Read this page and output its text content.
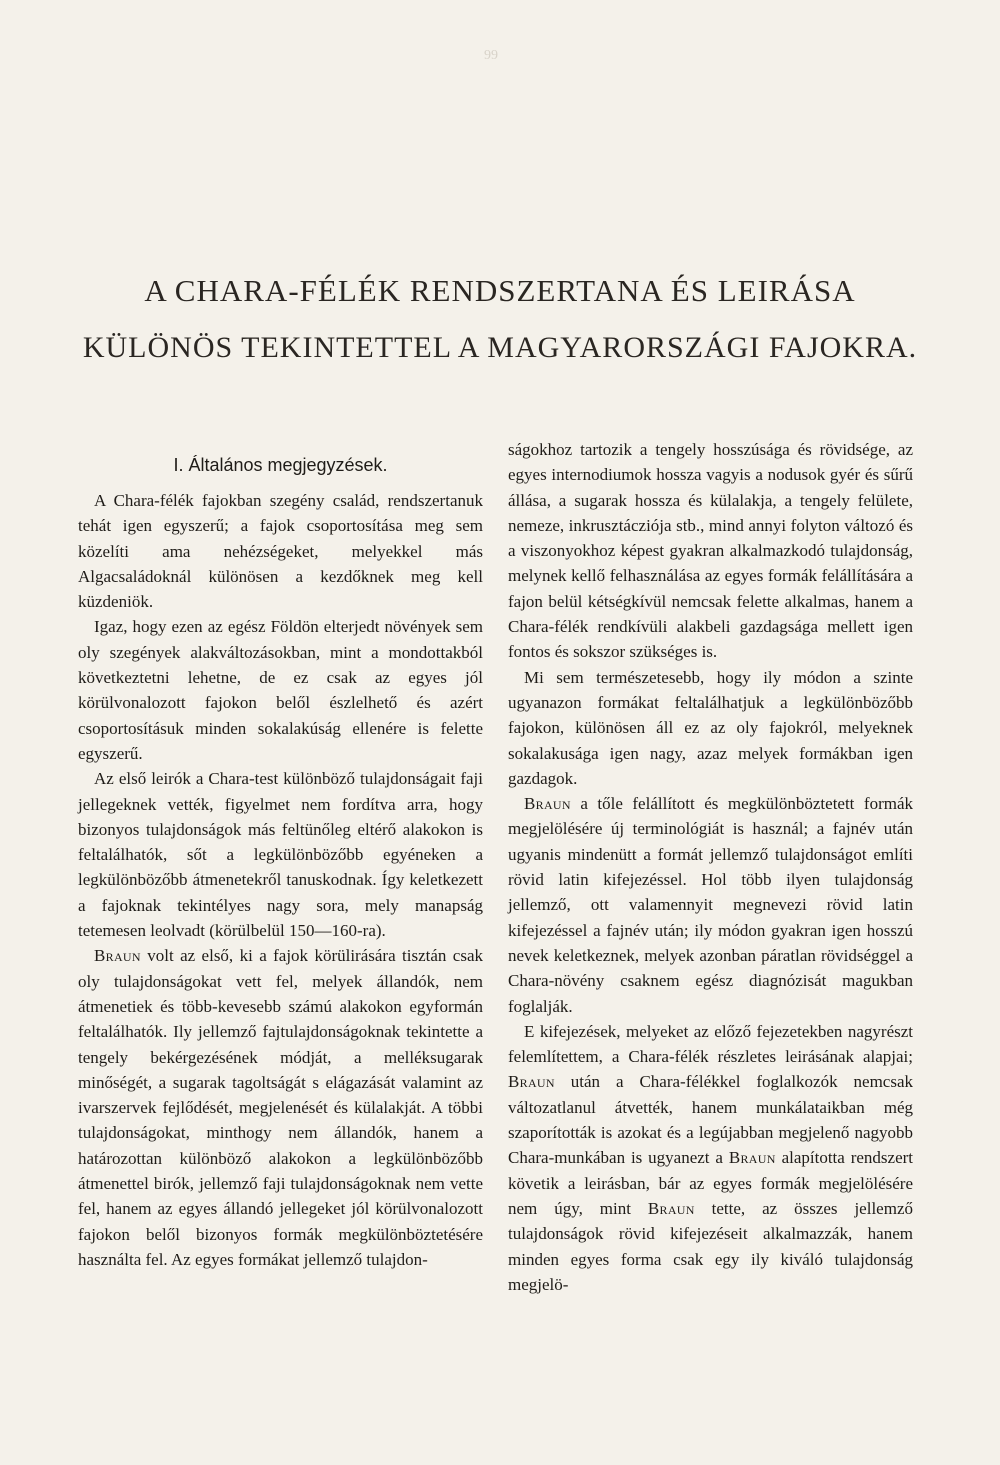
99
A CHARA-FÉLÉK RENDSZERTANA ÉS LEIRÁSA
KÜLÖNÖS TEKINTETTEL A MAGYARORSZÁGI FAJOKRA.
I. Általános megjegyzések.

A Chara-félék fajokban szegény család, rendszertanuk tehát igen egyszerű; a fajok csoportosítása meg sem közelíti ama nehézségeket, melyekkel más Algacsaládoknál különösen a kezdőknek meg kell küzdeniök.

Igaz, hogy ezen az egész Földön elterjedt növények sem oly szegények alakváltozásokban, mint a mondottakból következtetni lehetne, de ez csak az egyes jól körülvonalozott fajokon belől észlelhető és azért csoportosításuk minden sokalakúság ellenére is felette egyszerű.

Az első leirók a Chara-test különböző tulajdonságait faji jellegeknek vették, figyelmet nem fordítva arra, hogy bizonyos tulajdonságok más feltünőleg eltérő alakokon is feltalálhatók, sőt a legkülönbözőbb egyéneken a legkülönbözőbb átmenetekről tanuskodnak. Így keletkezett a fajoknak tekintélyes nagy sora, mely manapság tetemesen leolvadt (körülbelül 150—160-ra).

Braun volt az első, ki a fajok körülirására tisztán csak oly tulajdonságokat vett fel, melyek állandók, nem átmenetiek és több-kevesebb számú alakokon egyformán feltalálhatók. Ily jellemző fajtulajdonságoknak tekintette a tengely bekérgezésének módját, a melléksugarak minőségét, a sugarak tagoltságát s elágazását valamint az ivarszervek fejlődését, megjelenését és külalakját. A többi tulajdonságokat, minthogy nem állandók, hanem a határozottan különböző alakokon a legkülönbözőbb átmenettel birók, jellemző faji tulajdonságoknak nem vette fel, hanem az egyes állandó jellegeket jól körülvonalozott fajokon belől bizonyos formák megkülönböztetésére használta fel. Az egyes formákat jellemző tulajdon-

ságokhoz tartozik a tengely hosszúsága és rövidsége, az egyes internodiumok hossza vagyis a nodusok gyér és sűrű állása, a sugarak hossza és külalakja, a tengely felülete, nemeze, inkrusztácziója stb., mind annyi folyton változó és a viszonyokhoz képest gyakran alkalmazkodó tulajdonság, melynek kellő felhasználása az egyes formák felállítására a fajon belül kétségkívül nemcsak felette alkalmas, hanem a Chara-félék rendkívüli alakbeli gazdagsága mellett igen fontos és sokszor szükséges is.

Mi sem természetesebb, hogy ily módon a szinte ugyanazon formákat feltalálhatjuk a legkülönbözőbb fajokon, különösen áll ez az oly fajokról, melyeknek sokalakusága igen nagy, azaz melyek formákban igen gazdagok.

Braun a tőle felállított és megkülönböztetett formák megjelölésére új terminológiát is használ; a fajnév után ugyanis mindenütt a formát jellemző tulajdonságot említi rövid latin kifejezéssel. Hol több ilyen tulajdonság jellemző, ott valamennyit megnevezi rövid latin kifejezéssel a fajnév után; ily módon gyakran igen hosszú nevek keletkeznek, melyek azonban páratlan rövidséggel a Chara-növény csaknem egész diagnózisát magukban foglalják.

E kifejezések, melyeket az előző fejezetekben nagyrészt felemlítettem, a Chara-félék részletes leirásának alapjai; Braun után a Chara-félékkel foglalkozók nemcsak változatlanul átvették, hanem munkálataikban még szaporították is azokat és a legújabban megjelenő nagyobb Chara-munkában is ugyanezt a Braun alapította rendszert követik a leirásban, bár az egyes formák megjelölésére nem úgy, mint Braun tette, az összes jellemző tulajdonságok rövid kifejezéseit alkalmazzák, hanem minden egyes forma csak egy ily kiváló tulajdonság megjelö-
